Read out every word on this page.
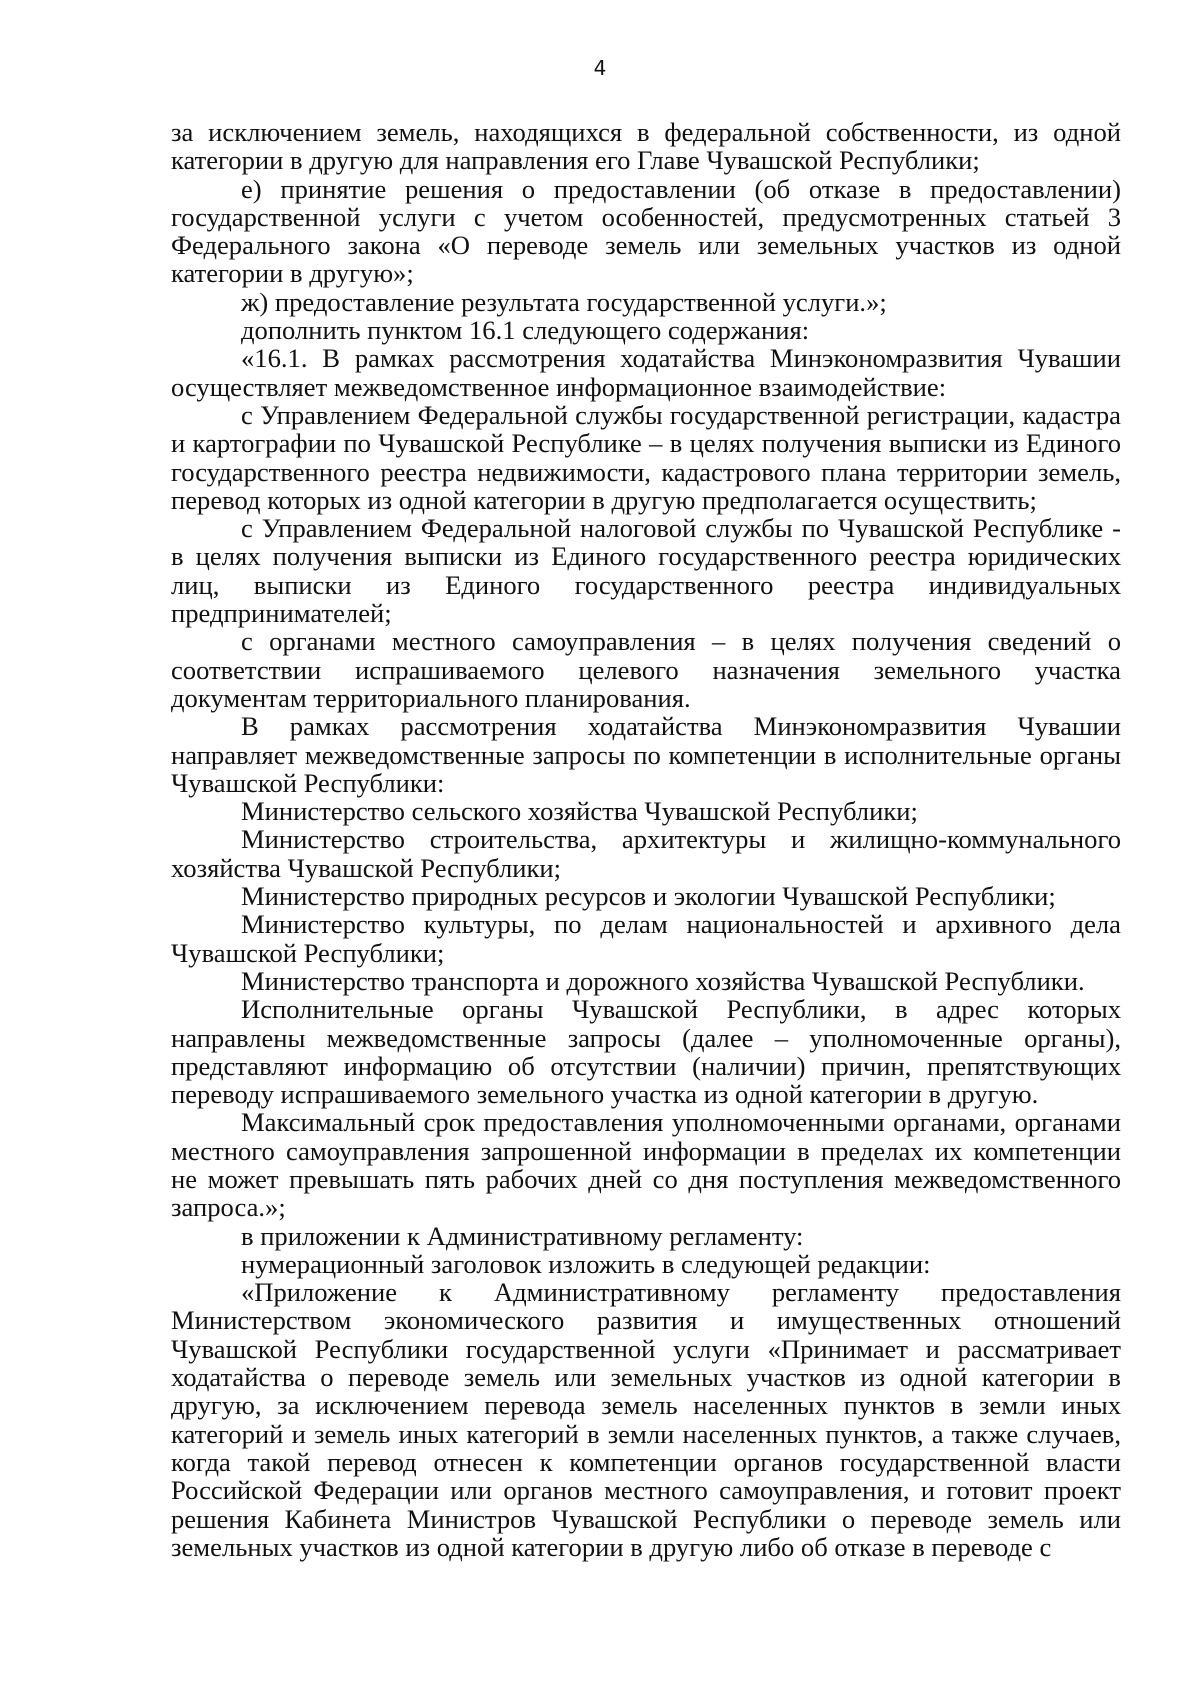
4

за исключением земель, находящихся в федеральной собственности, из одной категории в другую для направления его Главе Чувашской Республики;

е) принятие решения о предоставлении (об отказе в предоставлении) государственной услуги с учетом особенностей, предусмотренных статьей 3 Федерального закона «О переводе земель или земельных участков из одной категории в другую»;

ж) предоставление результата государственной услуги.»;

дополнить пунктом 16.1 следующего содержания:

«16.1. В рамках рассмотрения ходатайства Минэкономразвития Чувашии осуществляет межведомственное информационное взаимодействие:

с Управлением Федеральной службы государственной регистрации, кадастра и картографии по Чувашской Республике – в целях получения выписки из Единого государственного реестра недвижимости, кадастрового плана территории земель, перевод которых из одной категории в другую предполагается осуществить;

с Управлением Федеральной налоговой службы по Чувашской Республике - в целях получения выписки из Единого государственного реестра юридических лиц, выписки из Единого государственного реестра индивидуальных предпринимателей;

с органами местного самоуправления – в целях получения сведений о соответствии испрашиваемого целевого назначения земельного участка документам территориального планирования.

В рамках рассмотрения ходатайства Минэкономразвития Чувашии направляет межведомственные запросы по компетенции в исполнительные органы Чувашской Республики:

Министерство сельского хозяйства Чувашской Республики;

Министерство строительства, архитектуры и жилищно-коммунального хозяйства Чувашской Республики;

Министерство природных ресурсов и экологии Чувашской Республики;

Министерство культуры, по делам национальностей и архивного дела Чувашской Республики;

Министерство транспорта и дорожного хозяйства Чувашской Республики.

Исполнительные органы Чувашской Республики, в адрес которых направлены межведомственные запросы (далее – уполномоченные органы), представляют информацию об отсутствии (наличии) причин, препятствующих переводу испрашиваемого земельного участка из одной категории в другую.

Максимальный срок предоставления уполномоченными органами, органами местного самоуправления запрошенной информации в пределах их компетенции не может превышать пять рабочих дней со дня поступления межведомственного запроса.»;

в приложении к Административному регламенту:

нумерационный заголовок изложить в следующей редакции:

«Приложение к Административному регламенту предоставления Министерством экономического развития и имущественных отношений Чувашской Республики государственной услуги «Принимает и рассматривает ходатайства о переводе земель или земельных участков из одной категории в другую, за исключением перевода земель населенных пунктов в земли иных категорий и земель иных категорий в земли населенных пунктов, а также случаев, когда такой перевод отнесен к компетенции органов государственной власти Российской Федерации или органов местного самоуправления, и готовит проект решения Кабинета Министров Чувашской Республики о переводе земель или земельных участков из одной категории в другую либо об отказе в переводе с
